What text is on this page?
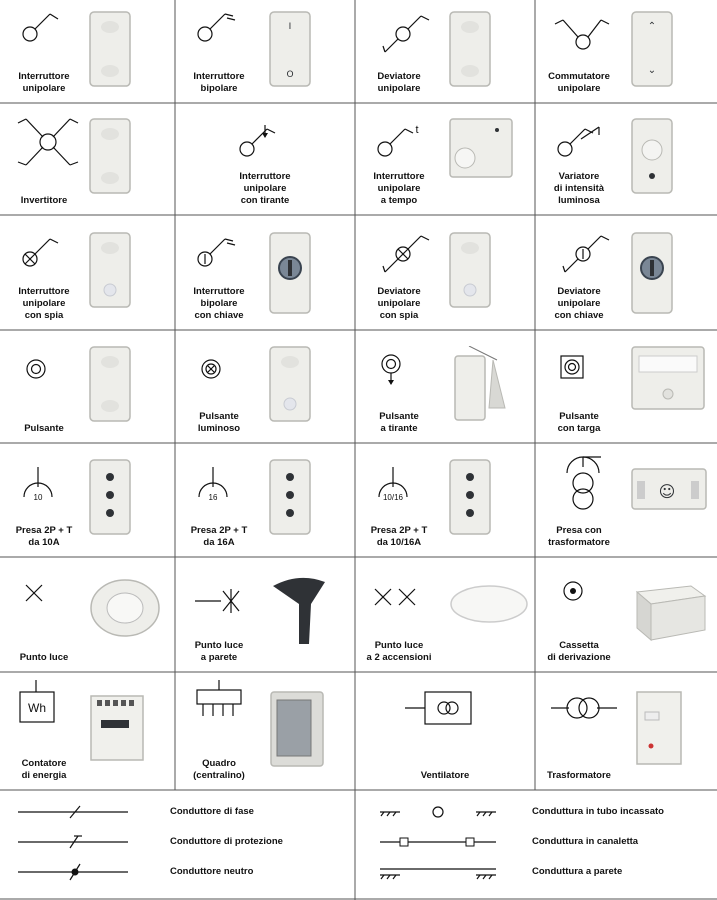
Interruttore
unipolare
Interruttore
bipolare
I
O	Deviatore
unipolare
Commutatore
unipolare
⌃
⌄
Invertitore
Interruttore
unipolare
con tirante
t
Interruttore
unipolare
a tempo
Variatore
di intensità
luminosa
Interruttore
unipolare
con spia
Interruttore
bipolare
con chiave
Deviatore
unipolare
con spia
Deviatore
unipolare
con chiave
Pulsante
Pulsante
luminoso
Pulsante
a tirante
Pulsante
con targa
10
Presa 2P + T
da 10A
16
Presa 2P + T
da 16A
10/16
Presa 2P + T
da 10/16A
Presa con
trasformatore
☺
Punto luce
Punto luce
a parete
Punto luce
a 2 accensioni
Cassetta
di derivazione
Wh
Contatore
di energia
Quadro
(centralino)	Ventilatore	Trasformatore
Conduttore di fase
Conduttore di protezione
Conduttore neutro
Conduttura in tubo incassato
Conduttura in canaletta
Conduttura a parete
